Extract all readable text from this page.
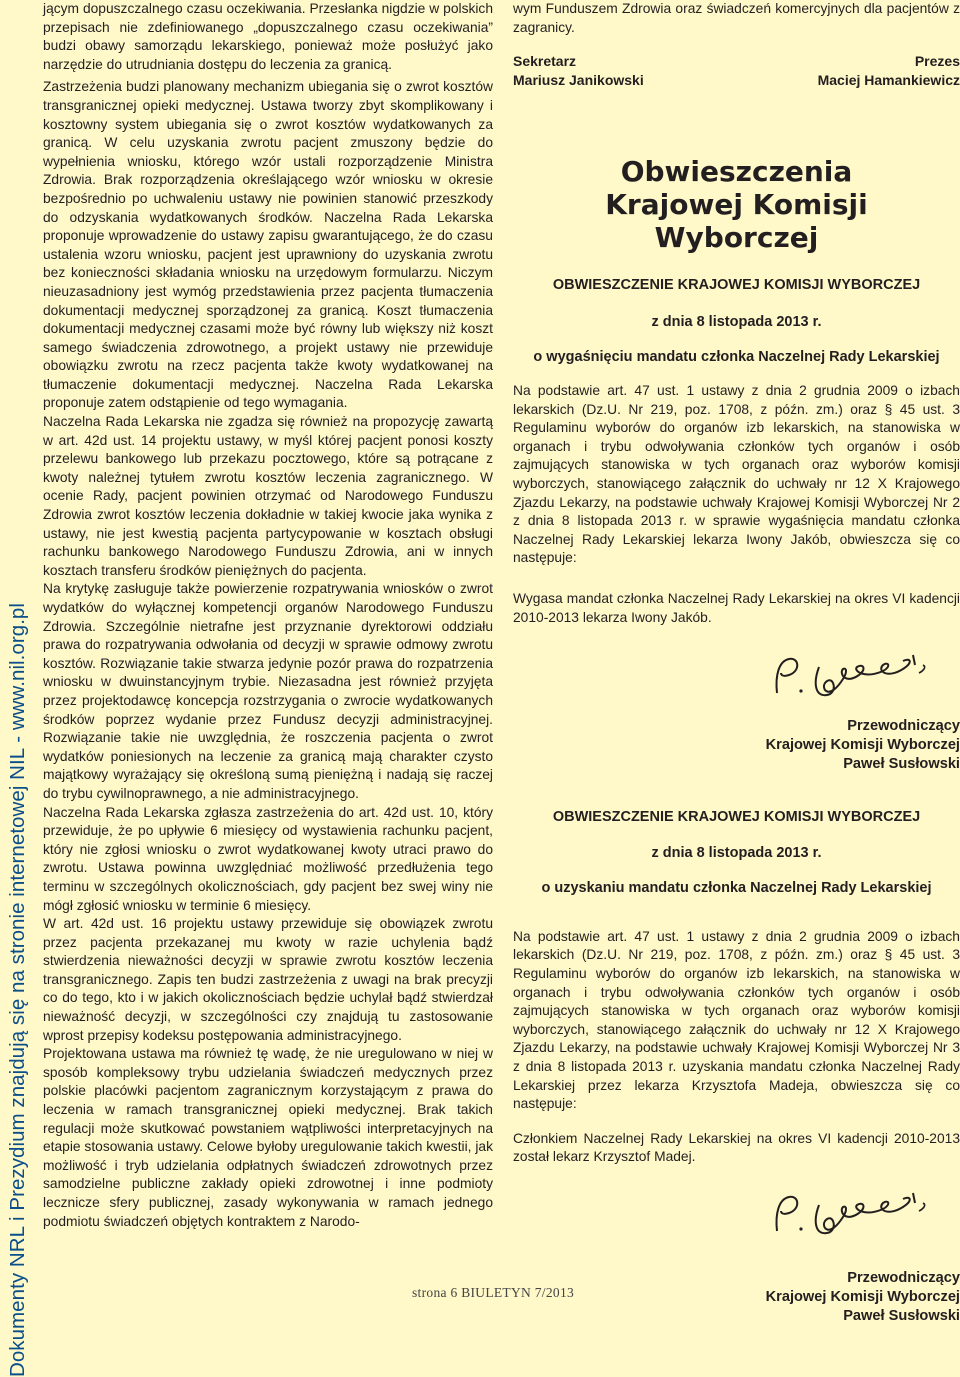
Dokumenty NRL i Prezydium znajdują się na stronie internetowej NIL - www.nil.org.pl

jącym dopuszczalnego czasu oczekiwania. Przesłanka nigdzie w polskich przepisach nie zdefiniowanego „dopuszczalnego czasu oczekiwania” budzi obawy samorządu lekarskiego, ponieważ może posłużyć jako narzędzie do utrudniania dostępu do leczenia za granicą.

Zastrzeżenia budzi planowany mechanizm ubiegania się o zwrot kosztów transgranicznej opieki medycznej. Ustawa tworzy zbyt skomplikowany i kosztowny system ubiegania się o zwrot kosztów wydatkowanych za granicą. W celu uzyskania zwrotu pacjent zmuszony będzie do wypełnienia wniosku, którego wzór ustali rozporządzenie Ministra Zdrowia. Brak rozporządzenia określającego wzór wniosku w okresie bezpośrednio po uchwaleniu ustawy nie powinien stanowić przeszkody do odzyskania wydatkowanych środków. Naczelna Rada Lekarska proponuje wprowadzenie do ustawy zapisu gwarantującego, że do czasu ustalenia wzoru wniosku, pacjent jest uprawniony do uzyskania zwrotu bez konieczności składania wniosku na urzędowym formularzu. Niczym nieuzasadniony jest wymóg przedstawienia przez pacjenta tłumaczenia dokumentacji medycznej sporządzonej za granicą. Koszt tłumaczenia dokumentacji medycznej czasami może być równy lub większy niż koszt samego świadczenia zdrowotnego, a projekt ustawy nie przewiduje obowiązku zwrotu na rzecz pacjenta także kwoty wydatkowanej na tłumaczenie dokumentacji medycznej. Naczelna Rada Lekarska proponuje zatem odstąpienie od tego wymagania.

Naczelna Rada Lekarska nie zgadza się również na propozycję zawartą w art. 42d ust. 14 projektu ustawy, w myśl której pacjent ponosi koszty przelewu bankowego lub przekazu pocztowego, które są potrącane z kwoty należnej tytułem zwrotu kosztów leczenia zagranicznego. W ocenie Rady, pacjent powinien otrzymać od Narodowego Funduszu Zdrowia zwrot kosztów leczenia dokładnie w takiej kwocie jaka wynika z ustawy, nie jest kwestią pacjenta partycypowanie w kosztach obsługi rachunku bankowego Narodowego Funduszu Zdrowia, ani w innych kosztach transferu środków pieniężnych do pacjenta.

Na krytykę zasługuje także powierzenie rozpatrywania wniosków o zwrot wydatków do wyłącznej kompetencji organów Narodowego Funduszu Zdrowia. Szczególnie nietrafne jest przyznanie dyrektorowi oddziału prawa do rozpatrywania odwołania od decyzji w sprawie odmowy zwrotu kosztów. Rozwiązanie takie stwarza jedynie pozór prawa do rozpatrzenia wniosku w dwuinstancyjnym trybie. Niezasadna jest również przyjęta przez projektodawcę koncepcja rozstrzygania o zwrocie wydatkowanych środków poprzez wydanie przez Fundusz decyzji administracyjnej. Rozwiązanie takie nie uwzględnia, że roszczenia pacjenta o zwrot wydatków poniesionych na leczenie za granicą mają charakter czysto majątkowy wyrażający się określoną sumą pieniężną i nadają się raczej do trybu cywilnoprawnego, a nie administracyjnego.

Naczelna Rada Lekarska zgłasza zastrzeżenia do art. 42d ust. 10, który przewiduje, że po upływie 6 miesięcy od wystawienia rachunku pacjent, który nie zgłosi wniosku o zwrot wydatkowanej kwoty utraci prawo do zwrotu. Ustawa powinna uwzględniać możliwość przedłużenia tego terminu w szczególnych okolicznościach, gdy pacjent bez swej winy nie mógł zgłosić wniosku w terminie 6 miesięcy.

W art. 42d ust. 16 projektu ustawy przewiduje się obowiązek zwrotu przez pacjenta przekazanej mu kwoty w razie uchylenia bądź stwierdzenia nieważności decyzji w sprawie zwrotu kosztów leczenia transgranicznego. Zapis ten budzi zastrzeżenia z uwagi na brak precyzji co do tego, kto i w jakich okolicznościach będzie uchylał bądź stwierdzał nieważność decyzji, w szczególności czy znajdują tu zastosowanie wprost przepisy kodeksu postępowania administracyjnego.

Projektowana ustawa ma również tę wadę, że nie uregulowano w niej w sposób kompleksowy trybu udzielania świadczeń medycznych przez polskie placówki pacjentom zagranicznym korzystającym z prawa do leczenia w ramach transgranicznej opieki medycznej. Brak takich regulacji może skutkować powstaniem wątpliwości interpretacyjnych na etapie stosowania ustawy. Celowe byłoby uregulowanie takich kwestii, jak możliwość i tryb udzielania odpłatnych świadczeń zdrowotnych przez samodzielne publiczne zakłady opieki zdrowotnej i inne podmioty lecznicze sfery publicznej, zasady wykonywania w ramach jednego podmiotu świadczeń objętych kontraktem z Narodo-

wym Funduszem Zdrowia oraz świadczeń komercyjnych dla pacjentów z zagranicy.

Sekretarz
Mariusz Janikowski
Prezes
Maciej Hamankiewicz
Obwieszczenia Krajowej Komisji Wyborczej
OBWIESZCZENIE KRAJOWEJ KOMISJI WYBORCZEJ
z dnia 8 listopada 2013 r.
o wygaśnięciu mandatu członka Naczelnej Rady Lekarskiej

Na podstawie art. 47 ust. 1 ustawy z dnia 2 grudnia 2009 o izbach lekarskich (Dz.U. Nr 219, poz. 1708, z późn. zm.) oraz § 45 ust. 3 Regulaminu wyborów do organów izb lekarskich, na stanowiska w organach i trybu odwoływania członków tych organów i osób zajmujących stanowiska w tych organach oraz wyborów komisji wyborczych, stanowiącego załącznik do uchwały nr 12 X Krajowego Zjazdu Lekarzy, na podstawie uchwały Krajowej Komisji Wyborczej Nr 2 z dnia 8 listopada 2013 r. w sprawie wygaśnięcia mandatu członka Naczelnej Rady Lekarskiej lekarza Iwony Jakób, obwieszcza się co następuje:

Wygasa mandat członka Naczelnej Rady Lekarskiej na okres VI kadencji 2010-2013 lekarza Iwony Jakób.

Przewodniczący
Krajowej Komisji Wyborczej
Paweł Susłowski
OBWIESZCZENIE KRAJOWEJ KOMISJI WYBORCZEJ
z dnia 8 listopada 2013 r.
o uzyskaniu mandatu członka Naczelnej Rady Lekarskiej

Na podstawie art. 47 ust. 1 ustawy z dnia 2 grudnia 2009 o izbach lekarskich (Dz.U. Nr 219, poz. 1708, z późn. zm.) oraz § 45 ust. 3 Regulaminu wyborów do organów izb lekarskich, na stanowiska w organach i trybu odwoływania członków tych organów i osób zajmujących stanowiska w tych organach oraz wyborów komisji wyborczych, stanowiącego załącznik do uchwały nr 12 X Krajowego Zjazdu Lekarzy, na podstawie uchwały Krajowej Komisji Wyborczej Nr 3 z dnia 8 listopada 2013 r. uzyskania mandatu członka Naczelnej Rady Lekarskiej przez lekarza Krzysztofa Madeja, obwieszcza się co następuje:

Członkiem Naczelnej Rady Lekarskiej na okres VI kadencji 2010-2013 został lekarz Krzysztof Madej.

Przewodniczący
Krajowej Komisji Wyborczej
Paweł Susłowski
strona 6 BIULETYN 7/2013
